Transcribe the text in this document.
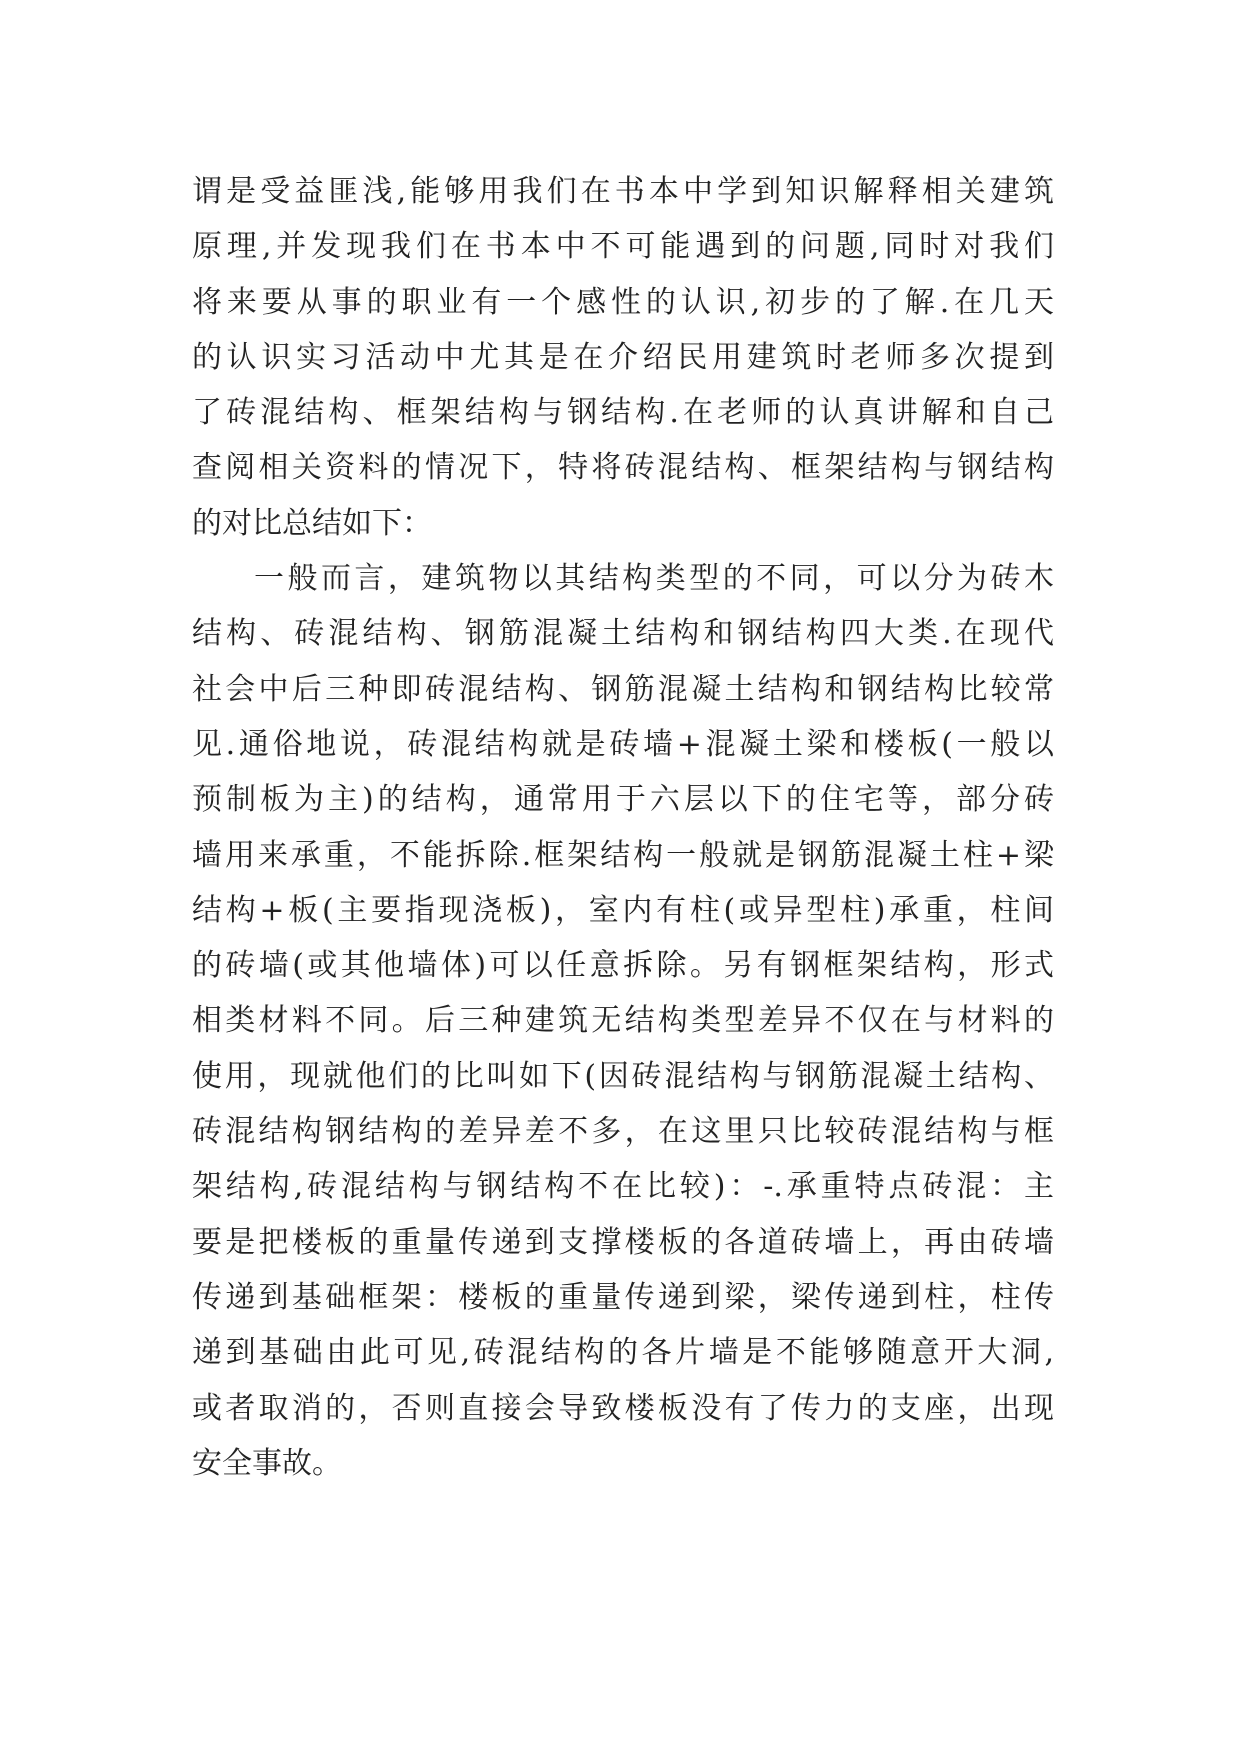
谓是受益匪浅,能够用我们在书本中学到知识解释相关建筑
原理,并发现我们在书本中不可能遇到的问题,同时对我们
将来要从事的职业有一个感性的认识,初步的了解.在几天
的认识实习活动中尤其是在介绍民用建筑时老师多次提到
了砖混结构、框架结构与钢结构.在老师的认真讲解和自己
查阅相关资料的情况下，特将砖混结构、框架结构与钢结构
的对比总结如下：
一般而言，建筑物以其结构类型的不同，可以分为砖木
结构、砖混结构、钢筋混凝土结构和钢结构四大类.在现代
社会中后三种即砖混结构、钢筋混凝土结构和钢结构比较常
见.通俗地说，砖混结构就是砖墙+混凝土梁和楼板(一般以
预制板为主)的结构，通常用于六层以下的住宅等，部分砖
墙用来承重，不能拆除.框架结构一般就是钢筋混凝土柱+梁
结构+板(主要指现浇板)，室内有柱(或异型柱)承重，柱间
的砖墙(或其他墙体)可以任意拆除。另有钢框架结构，形式
相类材料不同。后三种建筑无结构类型差异不仅在与材料的
使用，现就他们的比叫如下(因砖混结构与钢筋混凝土结构、
砖混结构钢结构的差异差不多，在这里只比较砖混结构与框
架结构,砖混结构与钢结构不在比较)：-.承重特点砖混：主
要是把楼板的重量传递到支撑楼板的各道砖墙上，再由砖墙
传递到基础框架：楼板的重量传递到梁，梁传递到柱，柱传
递到基础由此可见,砖混结构的各片墙是不能够随意开大洞,
或者取消的，否则直接会导致楼板没有了传力的支座，出现
安全事故。
